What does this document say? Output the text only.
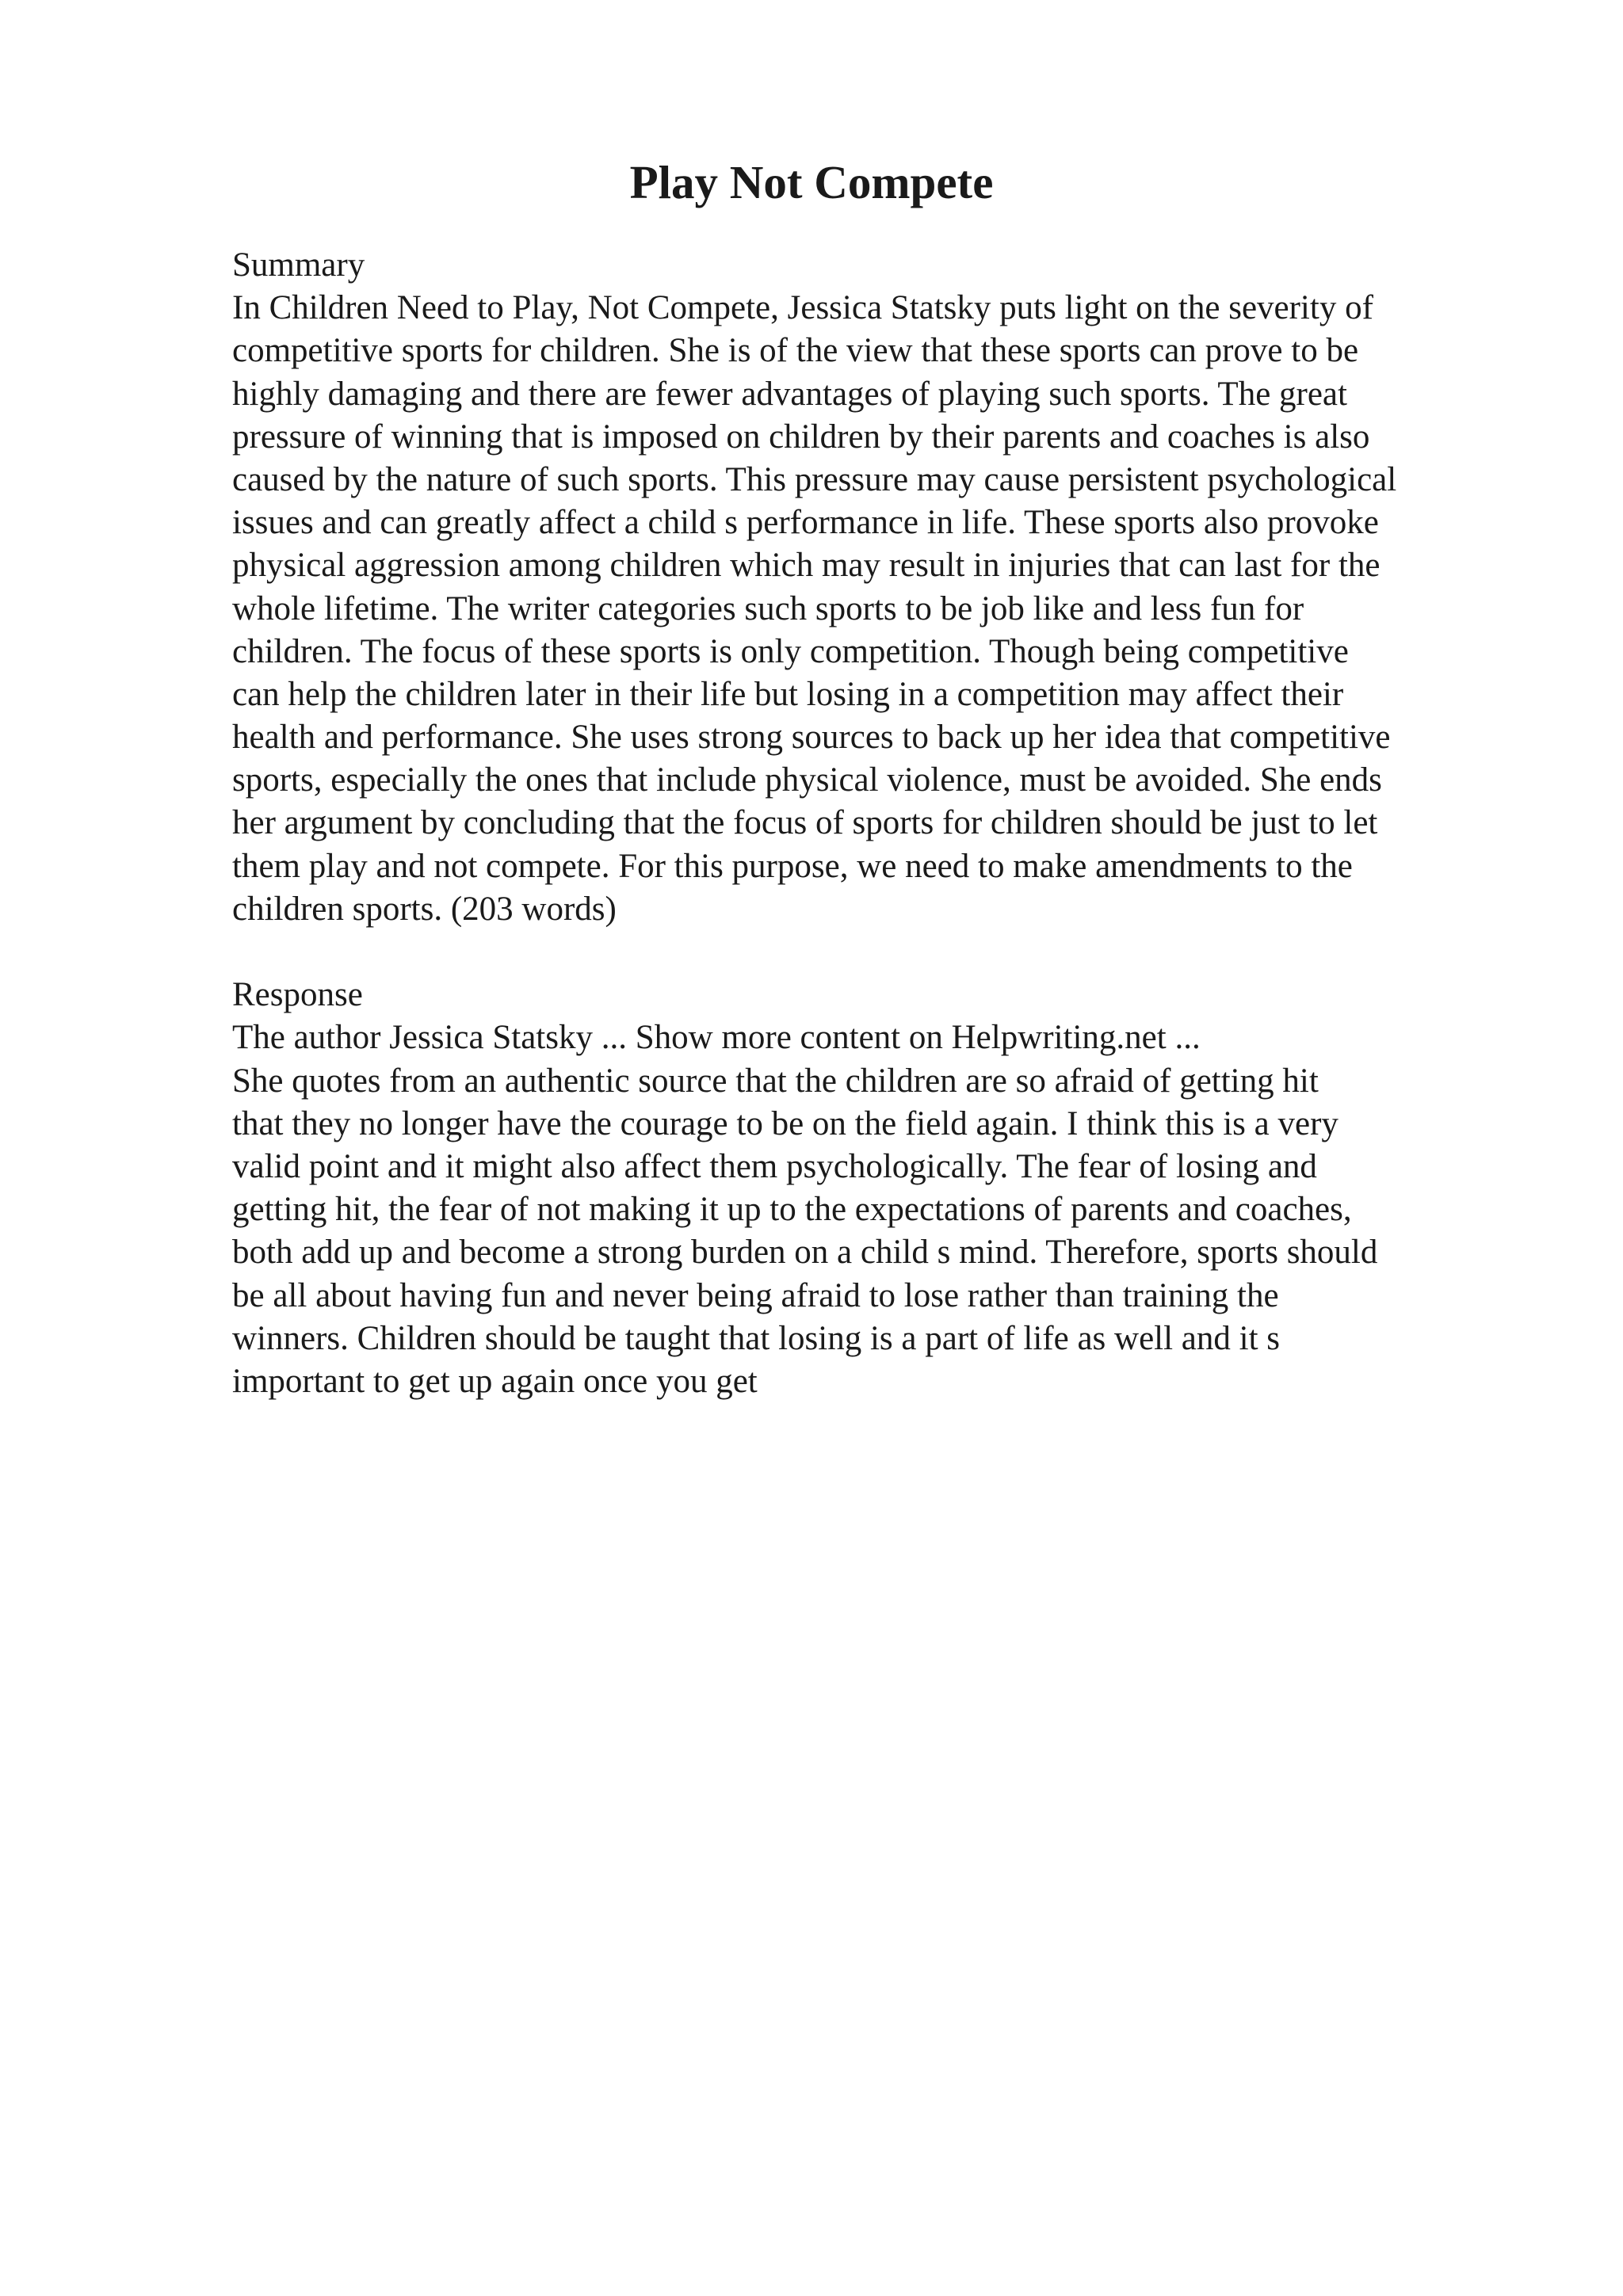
Play Not Compete
Summary
In Children Need to Play, Not Compete, Jessica Statsky puts light on the severity of
competitive sports for children. She is of the view that these sports can prove to be
highly damaging and there are fewer advantages of playing such sports. The great
pressure of winning that is imposed on children by their parents and coaches is also
caused by the nature of such sports. This pressure may cause persistent psychological
issues and can greatly affect a child s performance in life. These sports also provoke
physical aggression among children which may result in injuries that can last for the
whole lifetime. The writer categories such sports to be job like and less fun for
children. The focus of these sports is only competition. Though being competitive
can help the children later in their life but losing in a competition may affect their
health and performance. She uses strong sources to back up her idea that competitive
sports, especially the ones that include physical violence, must be avoided. She ends
her argument by concluding that the focus of sports for children should be just to let
them play and not compete. For this purpose, we need to make amendments to the
children sports. (203 words)
Response
The author Jessica Statsky ... Show more content on Helpwriting.net ...
She quotes from an authentic source that the children are so afraid of getting hit
that they no longer have the courage to be on the field again. I think this is a very
valid point and it might also affect them psychologically. The fear of losing and
getting hit, the fear of not making it up to the expectations of parents and coaches,
both add up and become a strong burden on a child s mind. Therefore, sports should
be all about having fun and never being afraid to lose rather than training the
winners. Children should be taught that losing is a part of life as well and it s
important to get up again once you get
